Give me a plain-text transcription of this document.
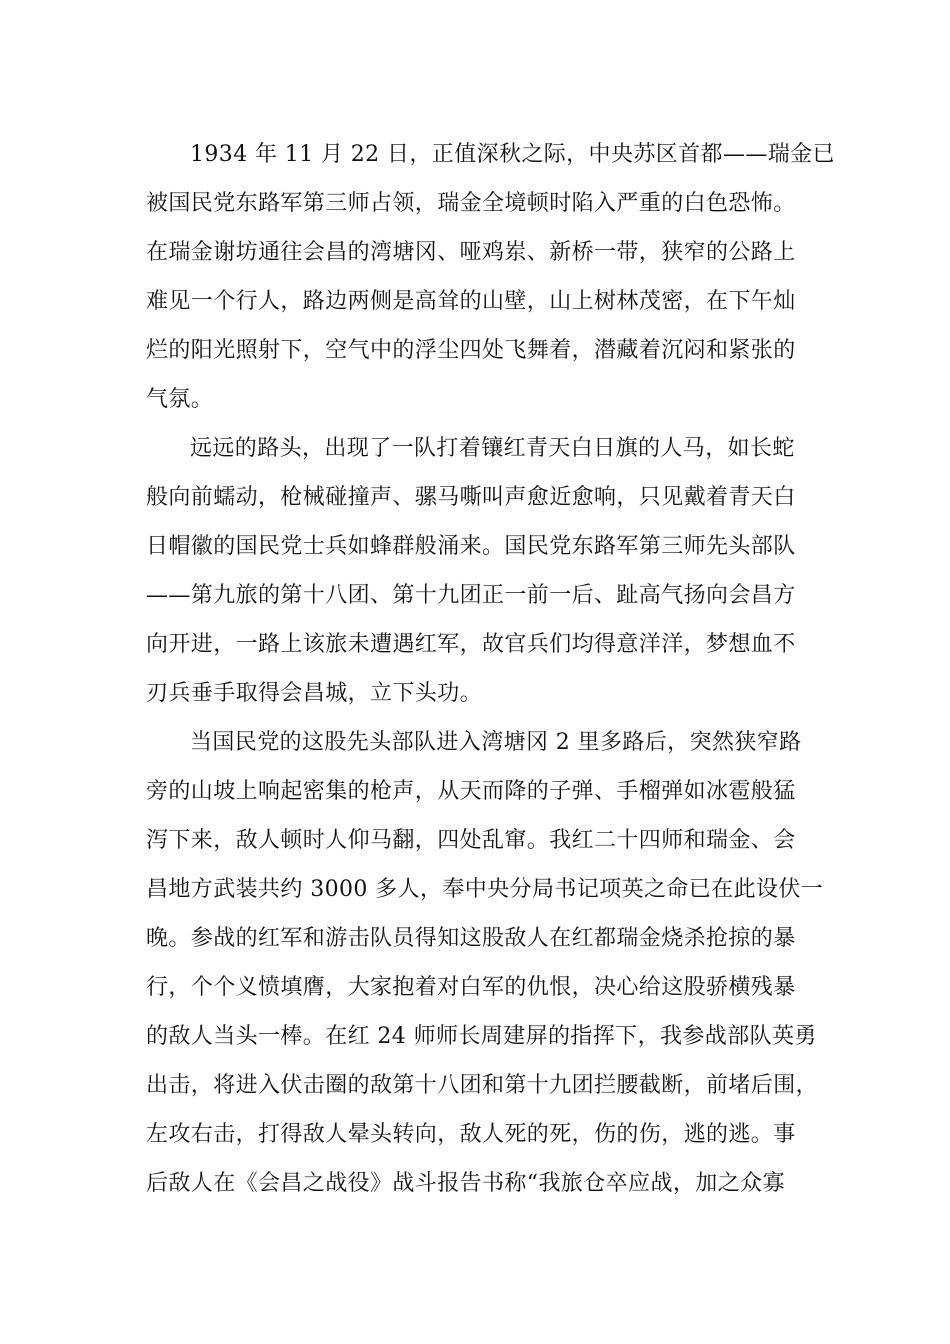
1934 年 11 月 22 日，正值深秋之际，中央苏区首都——瑞金已
被国民党东路军第三师占领，瑞金全境顿时陷入严重的白色恐怖。
在瑞金谢坊通往会昌的湾塘冈、哑鸡岽、新桥一带，狭窄的公路上
难见一个行人，路边两侧是高耸的山壁，山上树林茂密，在下午灿
烂的阳光照射下，空气中的浮尘四处飞舞着，潜藏着沉闷和紧张的
气氛。
远远的路头，出现了一队打着镶红青天白日旗的人马，如长蛇
般向前蠕动，枪械碰撞声、骡马嘶叫声愈近愈响，只见戴着青天白
日帽徽的国民党士兵如蜂群般涌来。国民党东路军第三师先头部队
——第九旅的第十八团、第十九团正一前一后、趾高气扬向会昌方
向开进，一路上该旅未遭遇红军，故官兵们均得意洋洋，梦想血不
刃兵垂手取得会昌城，立下头功。
当国民党的这股先头部队进入湾塘冈 2 里多路后，突然狭窄路
旁的山坡上响起密集的枪声，从天而降的子弹、手榴弹如冰雹般猛
泻下来，敌人顿时人仰马翻，四处乱窜。我红二十四师和瑞金、会
昌地方武装共约 3000 多人，奉中央分局书记项英之命已在此设伏一
晚。参战的红军和游击队员得知这股敌人在红都瑞金烧杀抢掠的暴
行，个个义愤填膺，大家抱着对白军的仇恨，决心给这股骄横残暴
的敌人当头一棒。在红 24 师师长周建屏的指挥下，我参战部队英勇
出击，将进入伏击圈的敌第十八团和第十九团拦腰截断，前堵后围，
左攻右击，打得敌人晕头转向，敌人死的死，伤的伤，逃的逃。事
后敌人在《会昌之战役》战斗报告书称“我旅仓卒应战，加之众寡
